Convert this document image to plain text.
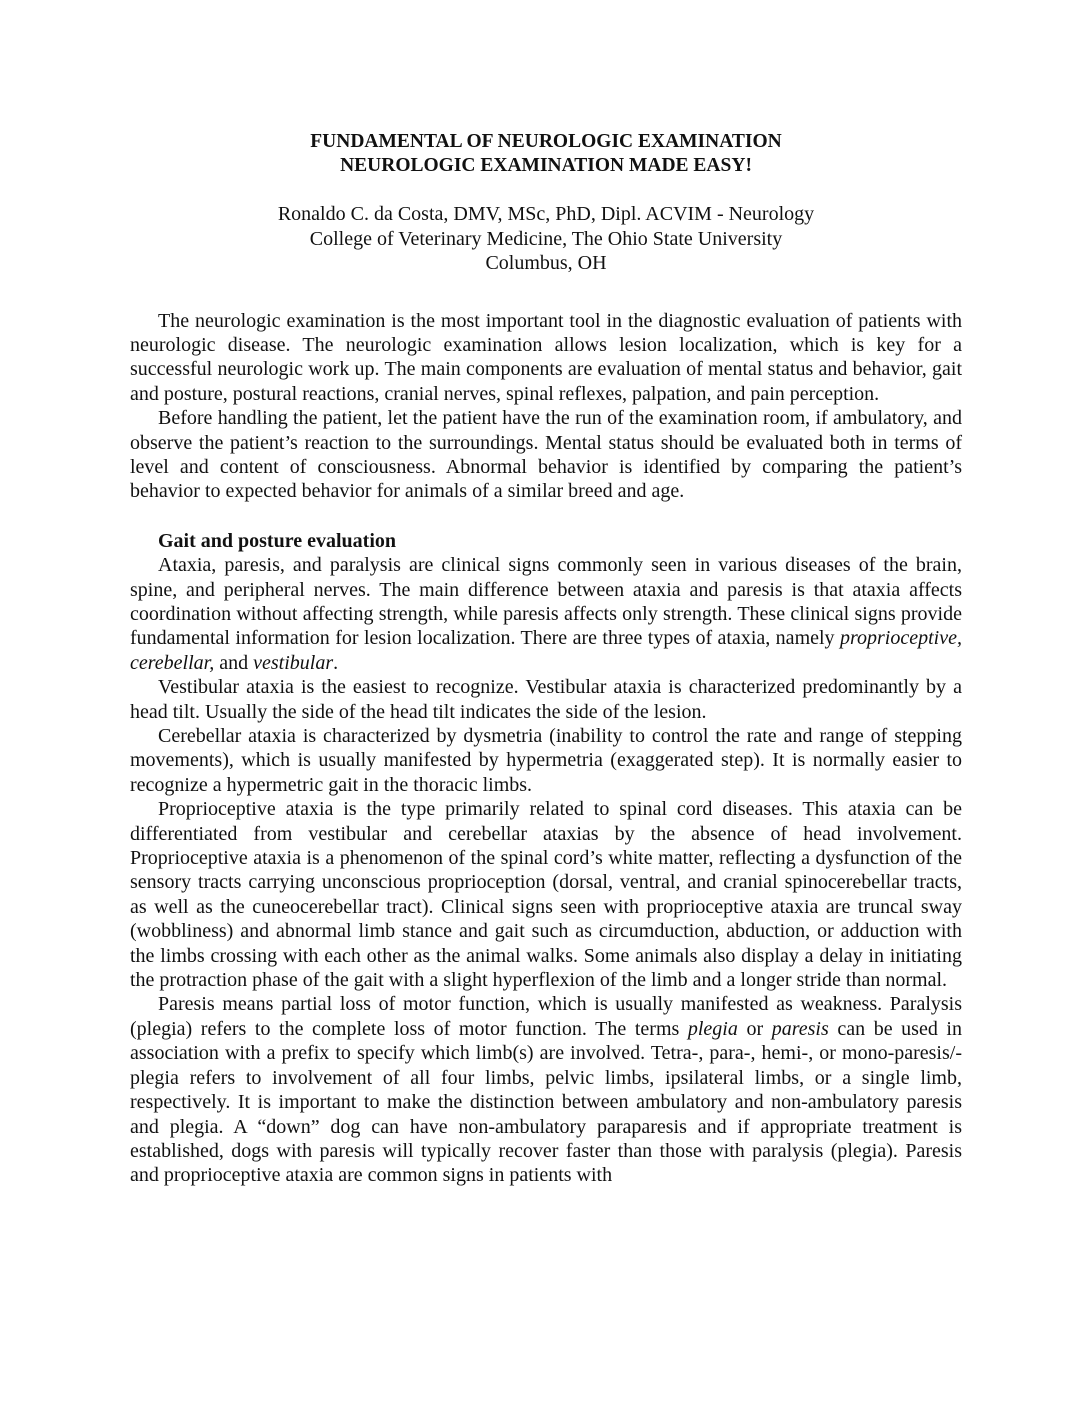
FUNDAMENTAL OF NEUROLOGIC EXAMINATION
NEUROLOGIC EXAMINATION MADE EASY!
Ronaldo C. da Costa, DMV, MSc, PhD, Dipl. ACVIM - Neurology
College of Veterinary Medicine, The Ohio State University
Columbus, OH

The neurologic examination is the most important tool in the diagnostic evaluation of patients with neurologic disease. The neurologic examination allows lesion localization, which is key for a successful neurologic work up. The main components are evaluation of mental status and behavior, gait and posture, postural reactions, cranial nerves, spinal reflexes, palpation, and pain perception.

Before handling the patient, let the patient have the run of the examination room, if ambulatory, and observe the patient’s reaction to the surroundings. Mental status should be evaluated both in terms of level and content of consciousness. Abnormal behavior is identified by comparing the patient’s behavior to expected behavior for animals of a similar breed and age.

Gait and posture evaluation

Ataxia, paresis, and paralysis are clinical signs commonly seen in various diseases of the brain, spine, and peripheral nerves. The main difference between ataxia and paresis is that ataxia affects coordination without affecting strength, while paresis affects only strength. These clinical signs provide fundamental information for lesion localization. There are three types of ataxia, namely proprioceptive, cerebellar, and vestibular.

Vestibular ataxia is the easiest to recognize. Vestibular ataxia is characterized predominantly by a head tilt. Usually the side of the head tilt indicates the side of the lesion.

Cerebellar ataxia is characterized by dysmetria (inability to control the rate and range of stepping movements), which is usually manifested by hypermetria (exaggerated step). It is normally easier to recognize a hypermetric gait in the thoracic limbs.

Proprioceptive ataxia is the type primarily related to spinal cord diseases. This ataxia can be differentiated from vestibular and cerebellar ataxias by the absence of head involvement. Proprioceptive ataxia is a phenomenon of the spinal cord’s white matter, reflecting a dysfunction of the sensory tracts carrying unconscious proprioception (dorsal, ventral, and cranial spinocerebellar tracts, as well as the cuneocerebellar tract). Clinical signs seen with proprioceptive ataxia are truncal sway (wobbliness) and abnormal limb stance and gait such as circumduction, abduction, or adduction with the limbs crossing with each other as the animal walks. Some animals also display a delay in initiating the protraction phase of the gait with a slight hyperflexion of the limb and a longer stride than normal.

Paresis means partial loss of motor function, which is usually manifested as weakness. Paralysis (plegia) refers to the complete loss of motor function. The terms plegia or paresis can be used in association with a prefix to specify which limb(s) are involved. Tetra-, para-, hemi-, or mono-paresis/-plegia refers to involvement of all four limbs, pelvic limbs, ipsilateral limbs, or a single limb, respectively. It is important to make the distinction between ambulatory and non-ambulatory paresis and plegia. A “down” dog can have non-ambulatory paraparesis and if appropriate treatment is established, dogs with paresis will typically recover faster than those with paralysis (plegia). Paresis and proprioceptive ataxia are common signs in patients with
